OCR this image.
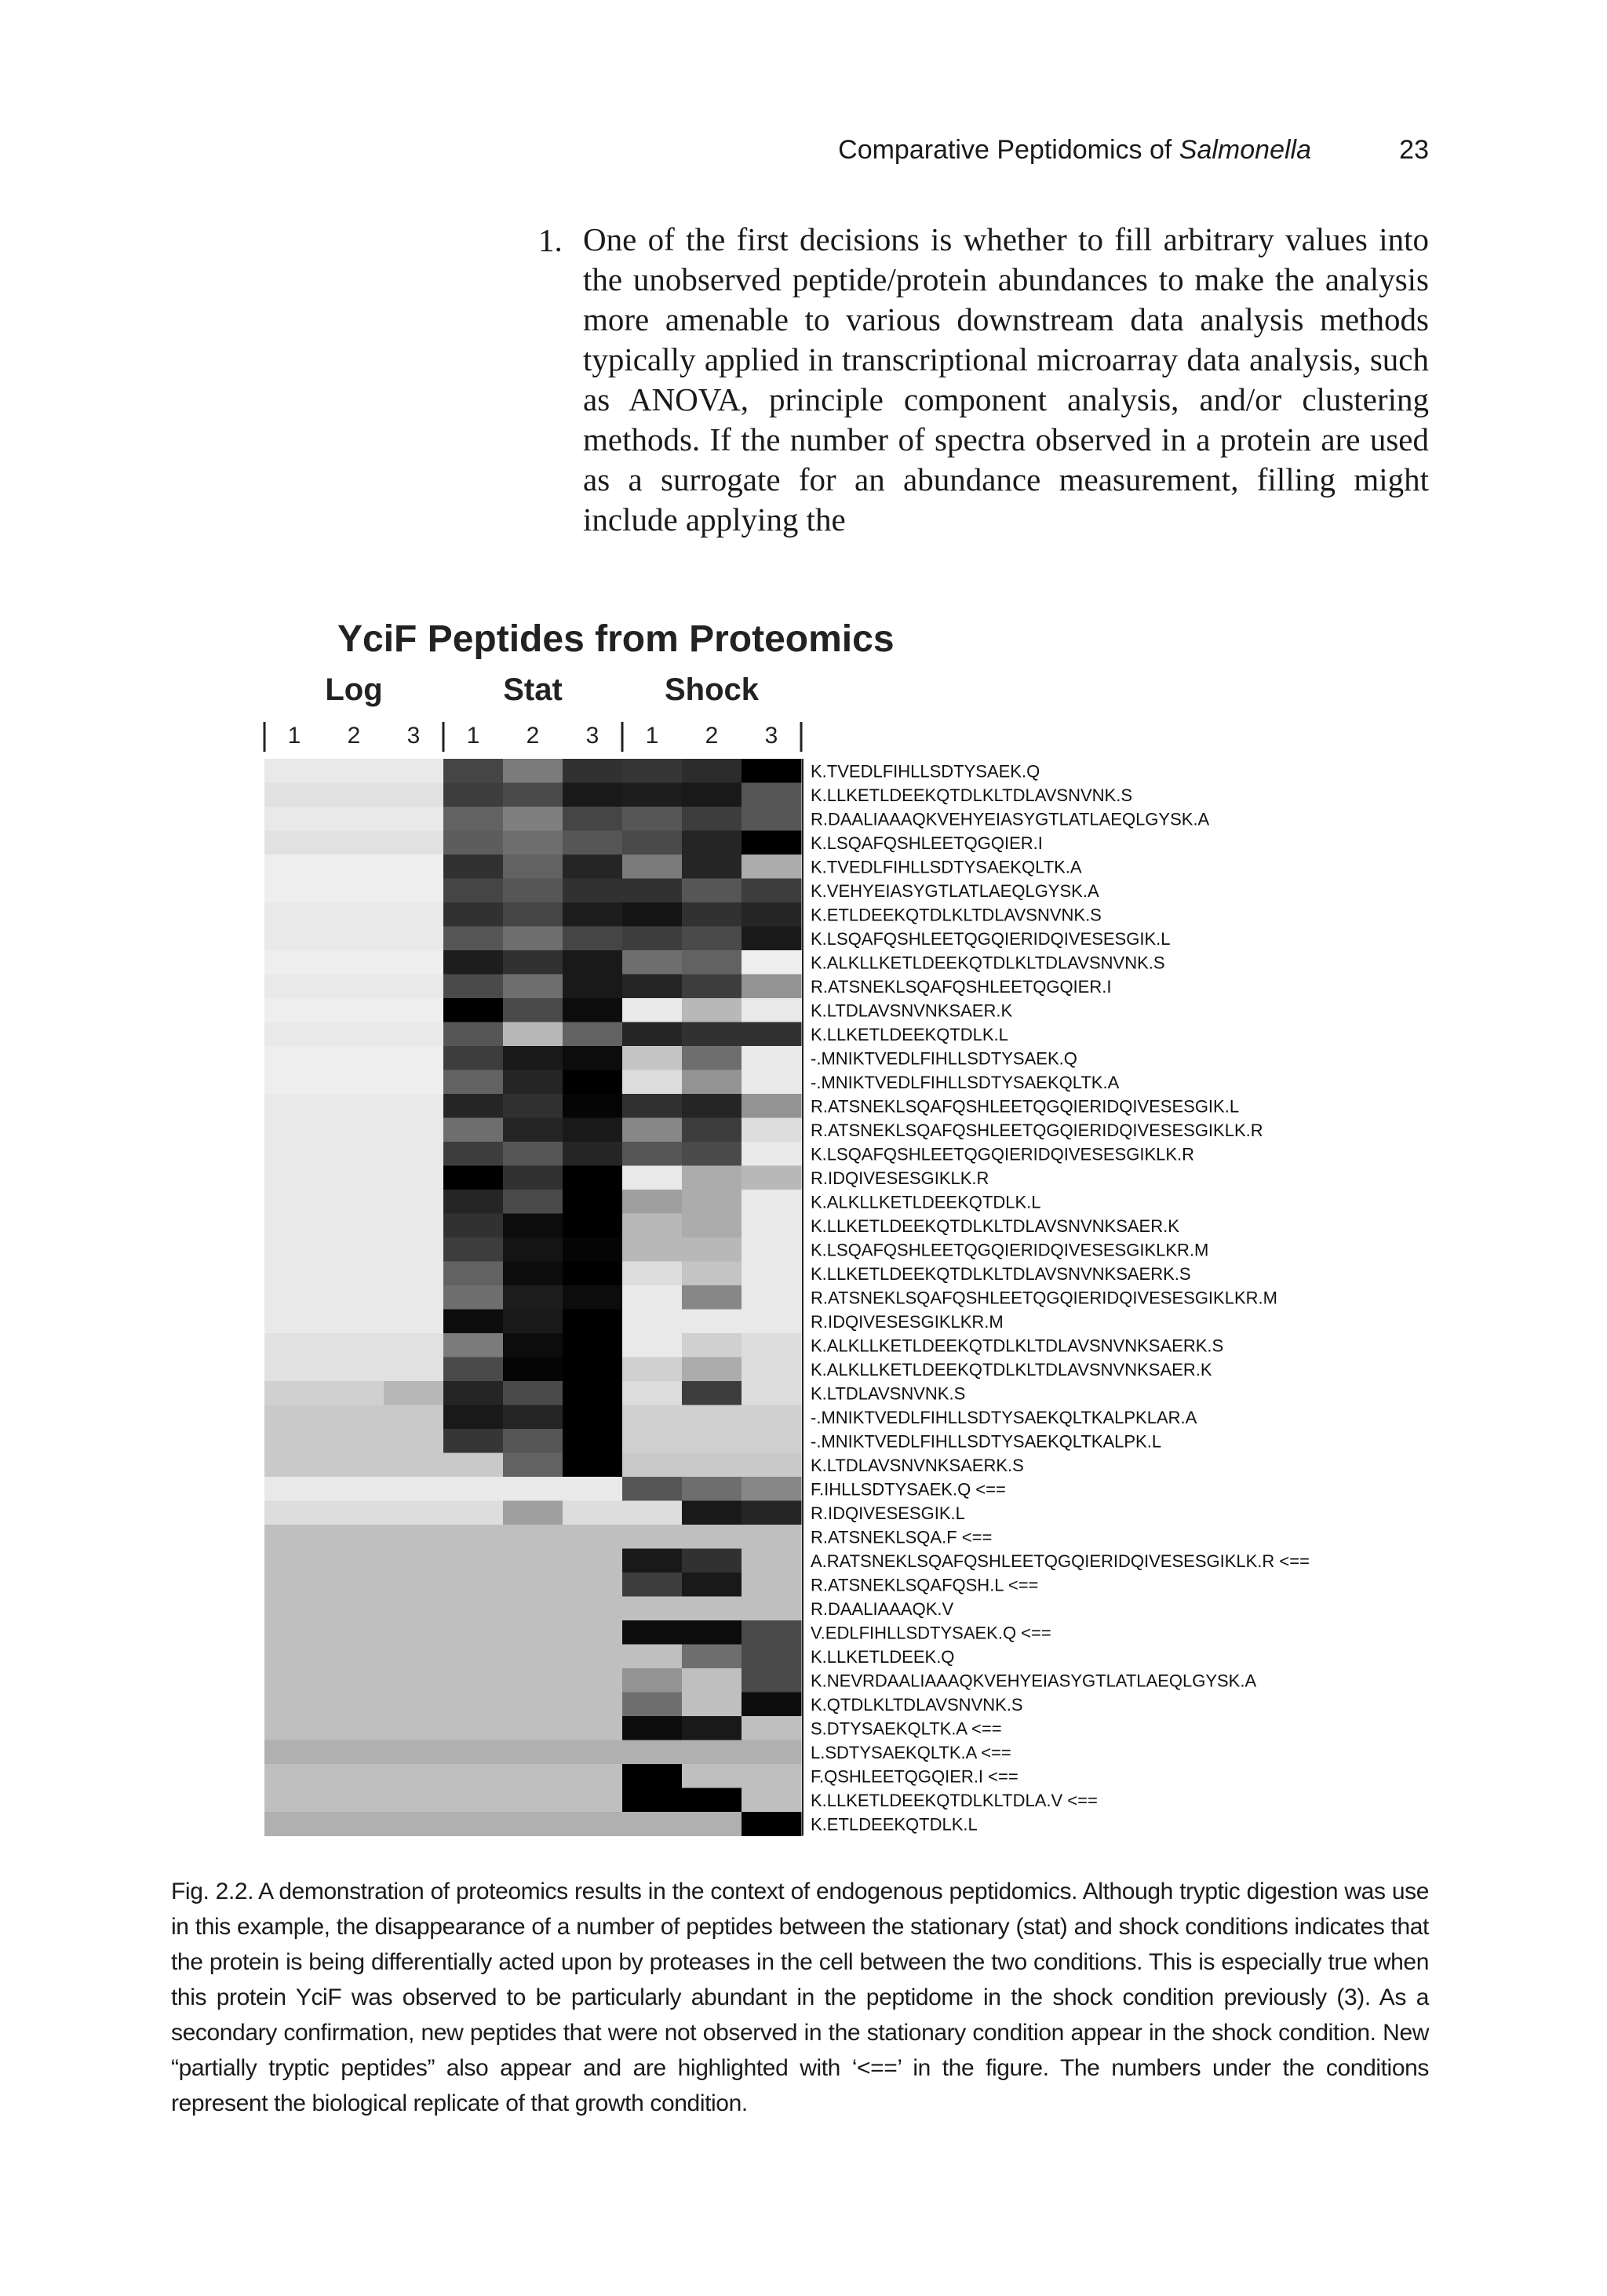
Comparative Peptidomics of Salmonella	23
1. One of the first decisions is whether to fill arbitrary values into the unobserved peptide/protein abundances to make the analysis more amenable to various downstream data analysis methods typically applied in transcriptional microarray data analysis, such as ANOVA, principle component analysis, and/or clustering methods. If the number of spectra observed in a protein are used as a surrogate for an abundance measurement, filling might include applying the
YciF Peptides from Proteomics
Log	Stat	Shock
1 2 3 1 2 3 1 2 3
K.TVEDLFIHLLSDTYSAEK.Q
K.LLKETLDEEKQTDLKLTDLAVSNVNK.S
R.DAALIAAAQKVEHYEIASYGTLATLAEQLGYSK.A
K.LSQAFQSHLEETQGQIER.I
K.TVEDLFIHLLSDTYSAEKQLTK.A
K.VEHYEIASYGTLATLAEQLGYSK.A
K.ETLDEEKQTDLKLTDLAVSNVNK.S
K.LSQAFQSHLEETQGQIERIDQIVESESGIK.L
K.ALKLLKETLDEEKQTDLKLTDLAVSNVNK.S
R.ATSNEKLSQAFQSHLEETQGQIER.I
K.LTDLAVSNVNKSAER.K
K.LLKETLDEEKQTDLK.L
-.MNIKTVEDLFIHLLSDTYSAEK.Q
-.MNIKTVEDLFIHLLSDTYSAEKQLTK.A
R.ATSNEKLSQAFQSHLEETQGQIERIDQIVESESGIK.L
R.ATSNEKLSQAFQSHLEETQGQIERIDQIVESESGIKLK.R
K.LSQAFQSHLEETQGQIERIDQIVESESGIKLK.R
R.IDQIVESESGIKLK.R
K.ALKLLKETLDEEKQTDLK.L
K.LLKETLDEEKQTDLKLTDLAVSNVNKSAER.K
K.LSQAFQSHLEETQGQIERIDQIVESESGIKLKR.M
K.LLKETLDEEKQTDLKLTDLAVSNVNKSAERK.S
R.ATSNEKLSQAFQSHLEETQGQIERIDQIVESESGIKLKR.M
R.IDQIVESESGIKLKR.M
K.ALKLLKETLDEEKQTDLKLTDLAVSNVNKSAERK.S
K.ALKLLKETLDEEKQTDLKLTDLAVSNVNKSAER.K
K.LTDLAVSNVNK.S
-.MNIKTVEDLFIHLLSDTYSAEKQLTKALPKLAR.A
-.MNIKTVEDLFIHLLSDTYSAEKQLTKALPK.L
K.LTDLAVSNVNKSAERK.S
F.IHLLSDTYSAEK.Q <==
R.IDQIVESESGIK.L
R.ATSNEKLSQA.F <==
A.RATSNEKLSQAFQSHLEETQGQIERIDQIVESESGIKLK.R <==
R.ATSNEKLSQAFQSH.L <==
R.DAALIAAAQK.V
V.EDLFIHLLSDTYSAEK.Q <==
K.LLKETLDEEK.Q
K.NEVRDAALIAAAQKVEHYEIASYGTLATLAEQLGYSK.A
K.QTDLKLTDLAVSNVNK.S
S.DTYSAEKQLTK.A <==
L.SDTYSAEKQLTK.A <==
F.QSHLEETQGQIER.I <==
K.LLKETLDEEKQTDLKLTDLA.V <==
K.ETLDEEKQTDLK.L
Fig. 2.2. A demonstration of proteomics results in the context of endogenous peptidomics. Although tryptic digestion was use in this example, the disappearance of a number of peptides between the stationary (stat) and shock conditions indicates that the protein is being differentially acted upon by proteases in the cell between the two conditions. This is especially true when this protein YciF was observed to be particularly abundant in the peptidome in the shock condition previously (3). As a secondary confirmation, new peptides that were not observed in the stationary condition appear in the shock condition. New “partially tryptic peptides” also appear and are highlighted with ‘<==’ in the figure. The numbers under the conditions represent the biological replicate of that growth condition.
